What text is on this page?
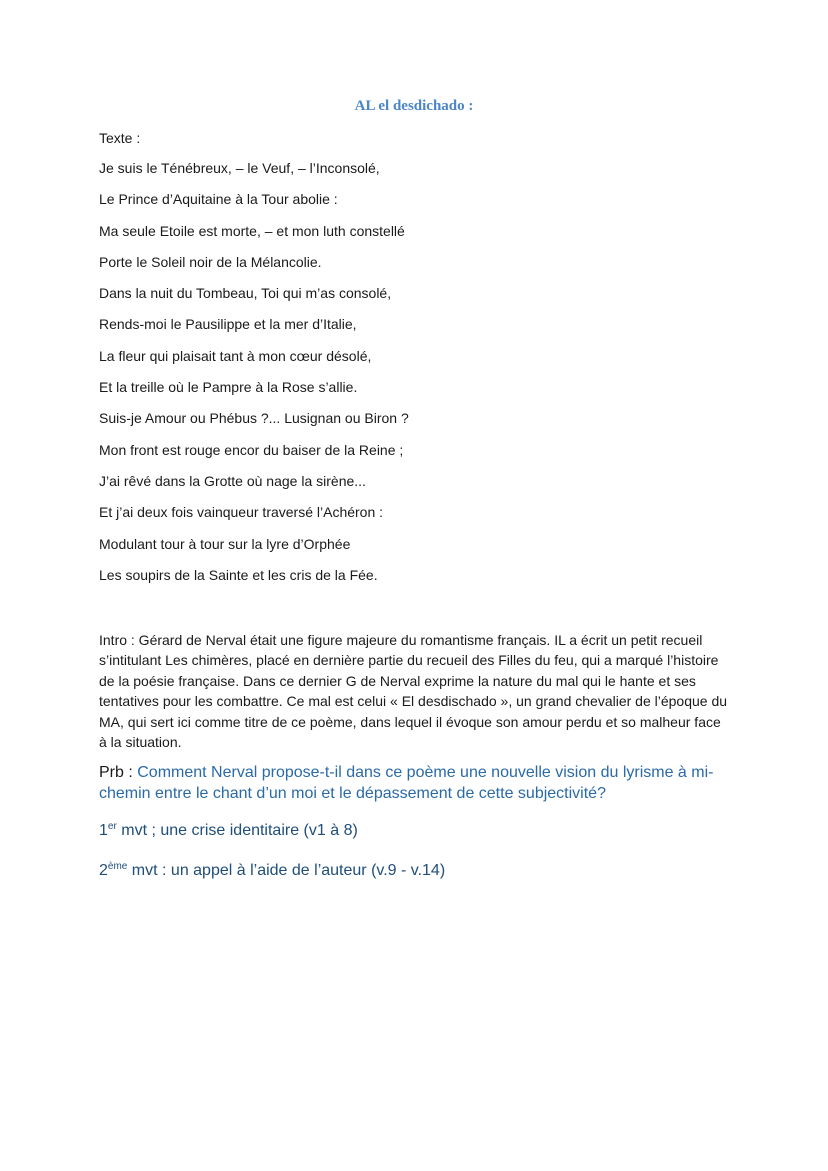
AL el desdichado :
Texte :
Je suis le Ténébreux, – le Veuf, – l’Inconsolé,
Le Prince d’Aquitaine à la Tour abolie :
Ma seule Etoile est morte, – et mon luth constellé
Porte le Soleil noir de la Mélancolie.
Dans la nuit du Tombeau, Toi qui m’as consolé,
Rends-moi le Pausilippe et la mer d’Italie,
La fleur qui plaisait tant à mon cœur désolé,
Et la treille où le Pampre à la Rose s’allie.
Suis-je Amour ou Phébus ?... Lusignan ou Biron ?
Mon front est rouge encor du baiser de la Reine ;
J’ai rêvé dans la Grotte où nage la sirène...
Et j’ai deux fois vainqueur traversé l’Achéron :
Modulant tour à tour sur la lyre d’Orphée
Les soupirs de la Sainte et les cris de la Fée.

Intro : Gérard de Nerval était une figure majeure du romantisme français. IL a écrit un petit recueil s’intitulant Les chimères, placé en dernière partie du recueil des Filles du feu, qui a marqué l’histoire de la poésie française. Dans ce dernier G de Nerval exprime la nature du mal qui le hante et ses tentatives pour les combattre. Ce mal est celui « El desdischado », un grand chevalier de l’époque du MA, qui sert ici comme titre de ce poème, dans lequel il évoque son amour perdu et so malheur face à la situation.

Prb : Comment Nerval propose-t-il dans ce poème une nouvelle vision du lyrisme à mi-chemin entre le chant d’un moi et le dépassement de cette subjectivité?

1er mvt ; une crise identitaire (v1 à 8)
2ème mvt : un appel à l’aide de l’auteur (v.9 - v.14)
